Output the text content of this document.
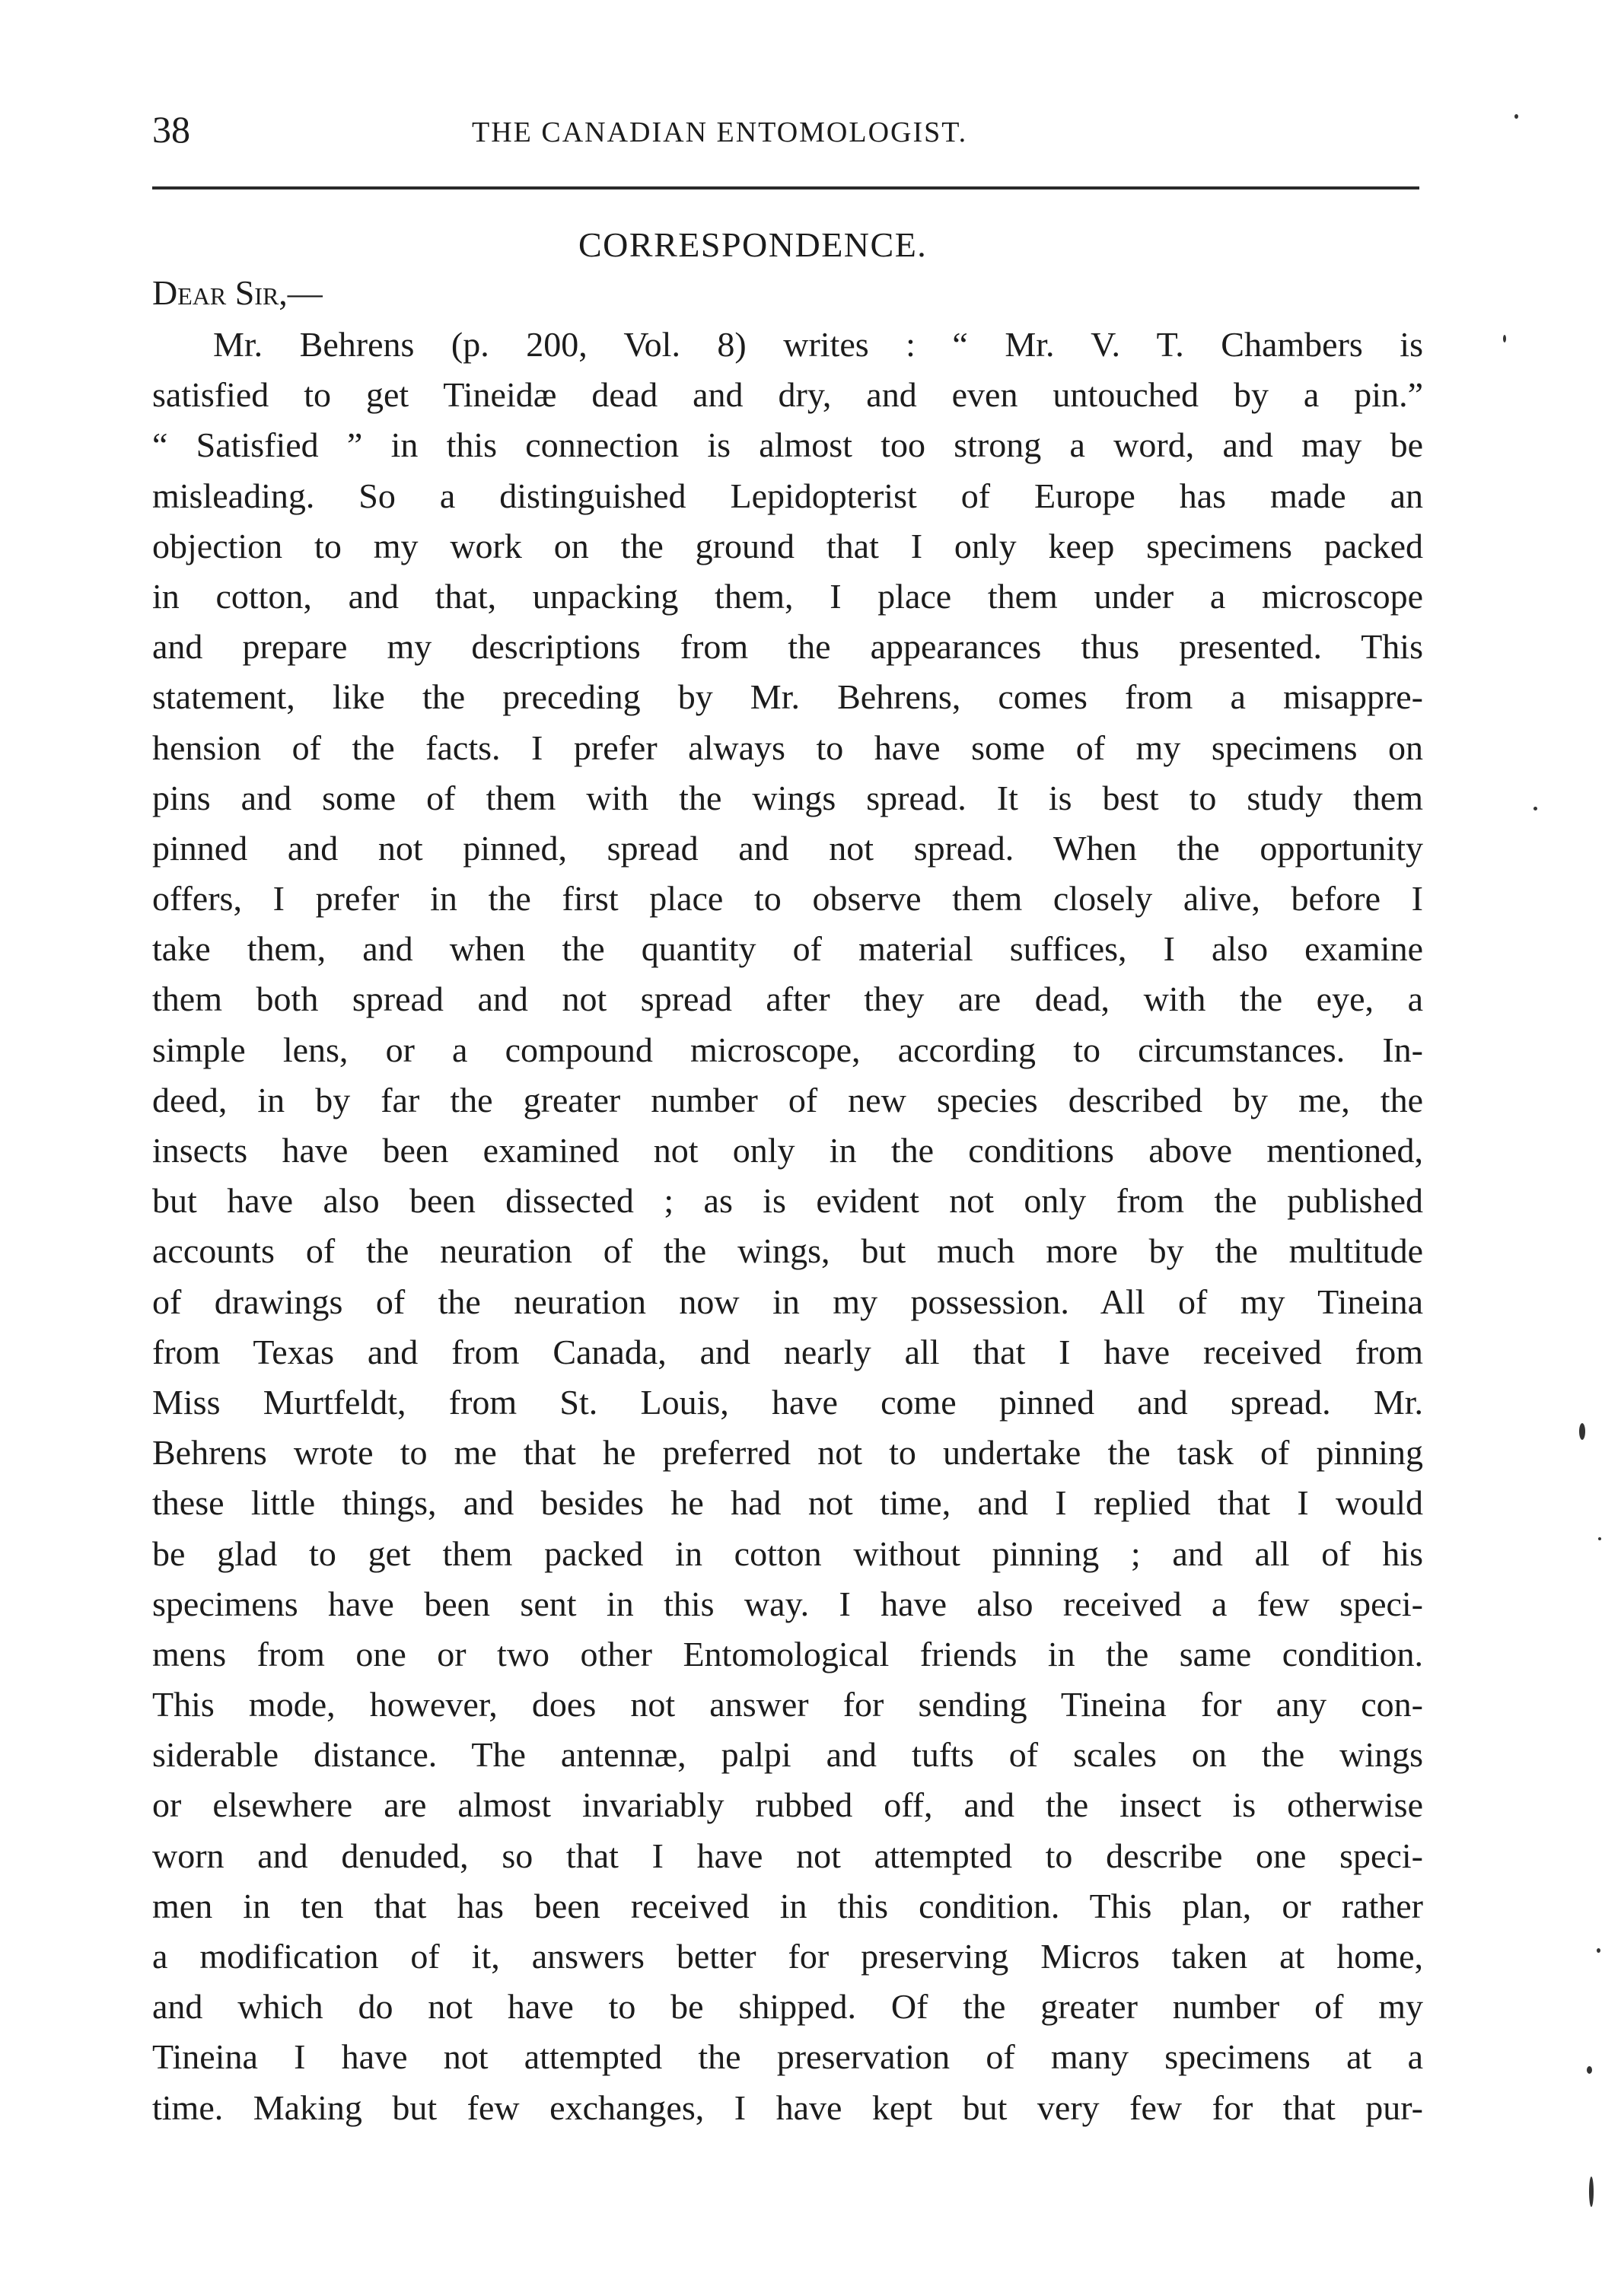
38	THE CANADIAN ENTOMOLOGIST.
CORRESPONDENCE.
Dear Sir,—
Mr. Behrens (p. 200, Vol. 8) writes : “ Mr. V. T. Chambers is
satisfied to get Tineidæ dead and dry, and even untouched by a pin.”
“ Satisfied ” in this connection is almost too strong a word, and may be
misleading. So a distinguished Lepidopterist of Europe has made an
objection to my work on the ground that I only keep specimens packed
in cotton, and that, unpacking them, I place them under a microscope
and prepare my descriptions from the appearances thus presented. This
statement, like the preceding by Mr. Behrens, comes from a misappre-
hension of the facts. I prefer always to have some of my specimens on
pins and some of them with the wings spread. It is best to study them
pinned and not pinned, spread and not spread. When the opportunity
offers, I prefer in the first place to observe them closely alive, before I
take them, and when the quantity of material suffices, I also examine
them both spread and not spread after they are dead, with the eye, a
simple lens, or a compound microscope, according to circumstances. In-
deed, in by far the greater number of new species described by me, the
insects have been examined not only in the conditions above mentioned,
but have also been dissected ; as is evident not only from the published
accounts of the neuration of the wings, but much more by the multitude
of drawings of the neuration now in my possession. All of my Tineina
from Texas and from Canada, and nearly all that I have received from
Miss Murtfeldt, from St. Louis, have come pinned and spread. Mr.
Behrens wrote to me that he preferred not to undertake the task of pinning
these little things, and besides he had not time, and I replied that I would
be glad to get them packed in cotton without pinning ; and all of his
specimens have been sent in this way. I have also received a few speci-
mens from one or two other Entomological friends in the same condition.
This mode, however, does not answer for sending Tineina for any con-
siderable distance. The antennæ, palpi and tufts of scales on the wings
or elsewhere are almost invariably rubbed off, and the insect is otherwise
worn and denuded, so that I have not attempted to describe one speci-
men in ten that has been received in this condition. This plan, or rather
a modification of it, answers better for preserving Micros taken at home,
and which do not have to be shipped. Of the greater number of my
Tineina I have not attempted the preservation of many specimens at a
time. Making but few exchanges, I have kept but very few for that pur-
